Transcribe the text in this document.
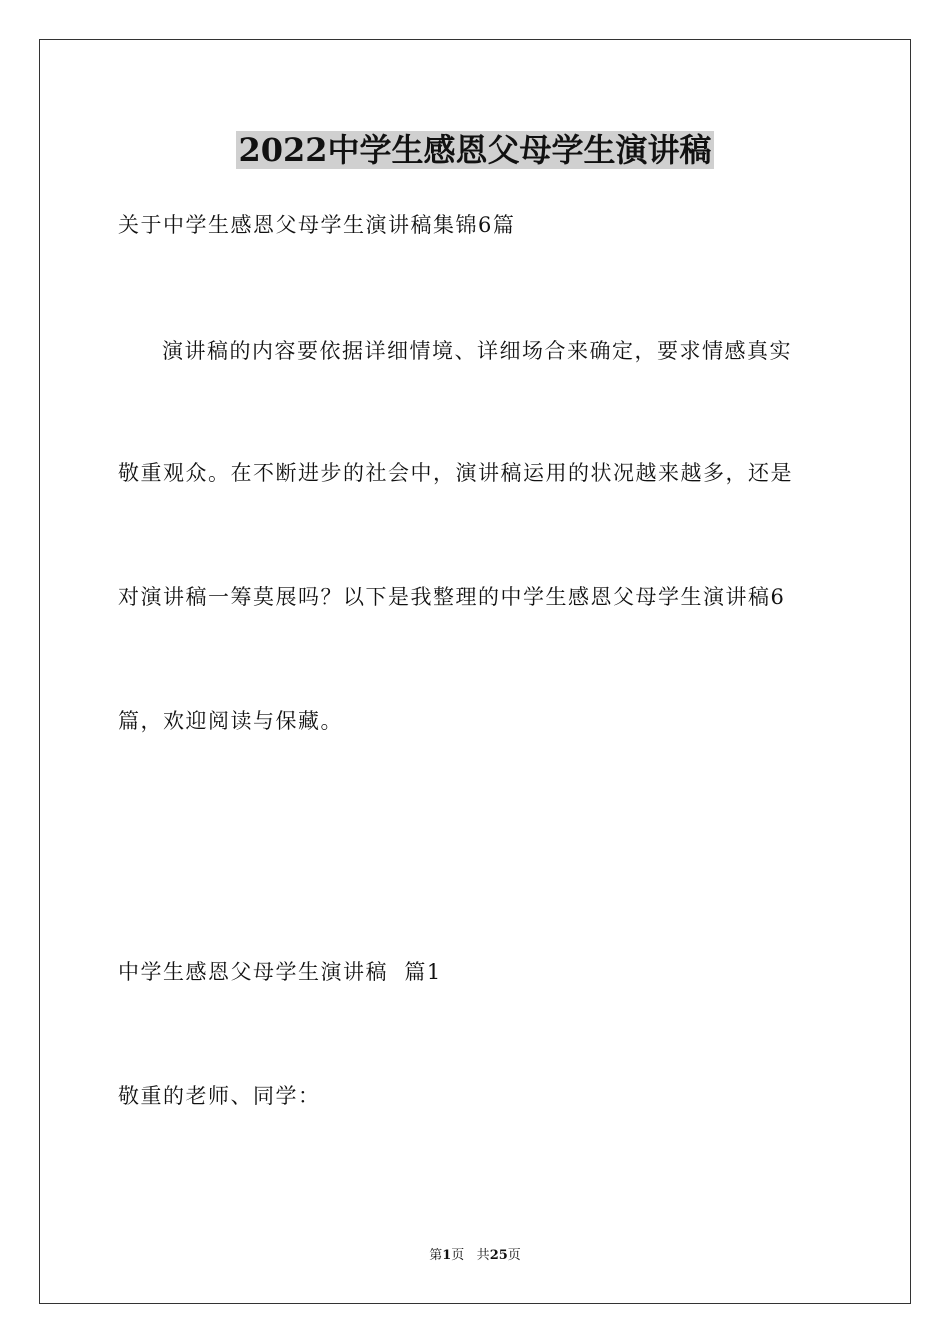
2022中学生感恩父母学生演讲稿
关于中学生感恩父母学生演讲稿集锦6篇
演讲稿的内容要依据详细情境、详细场合来确定，要求情感真实
敬重观众。在不断进步的社会中，演讲稿运用的状况越来越多，还是
对演讲稿一筹莫展吗？以下是我整理的中学生感恩父母学生演讲稿6
篇，欢迎阅读与保藏。
中学生感恩父母学生演讲稿  篇1
敬重的老师、同学：
第1页 共25页
